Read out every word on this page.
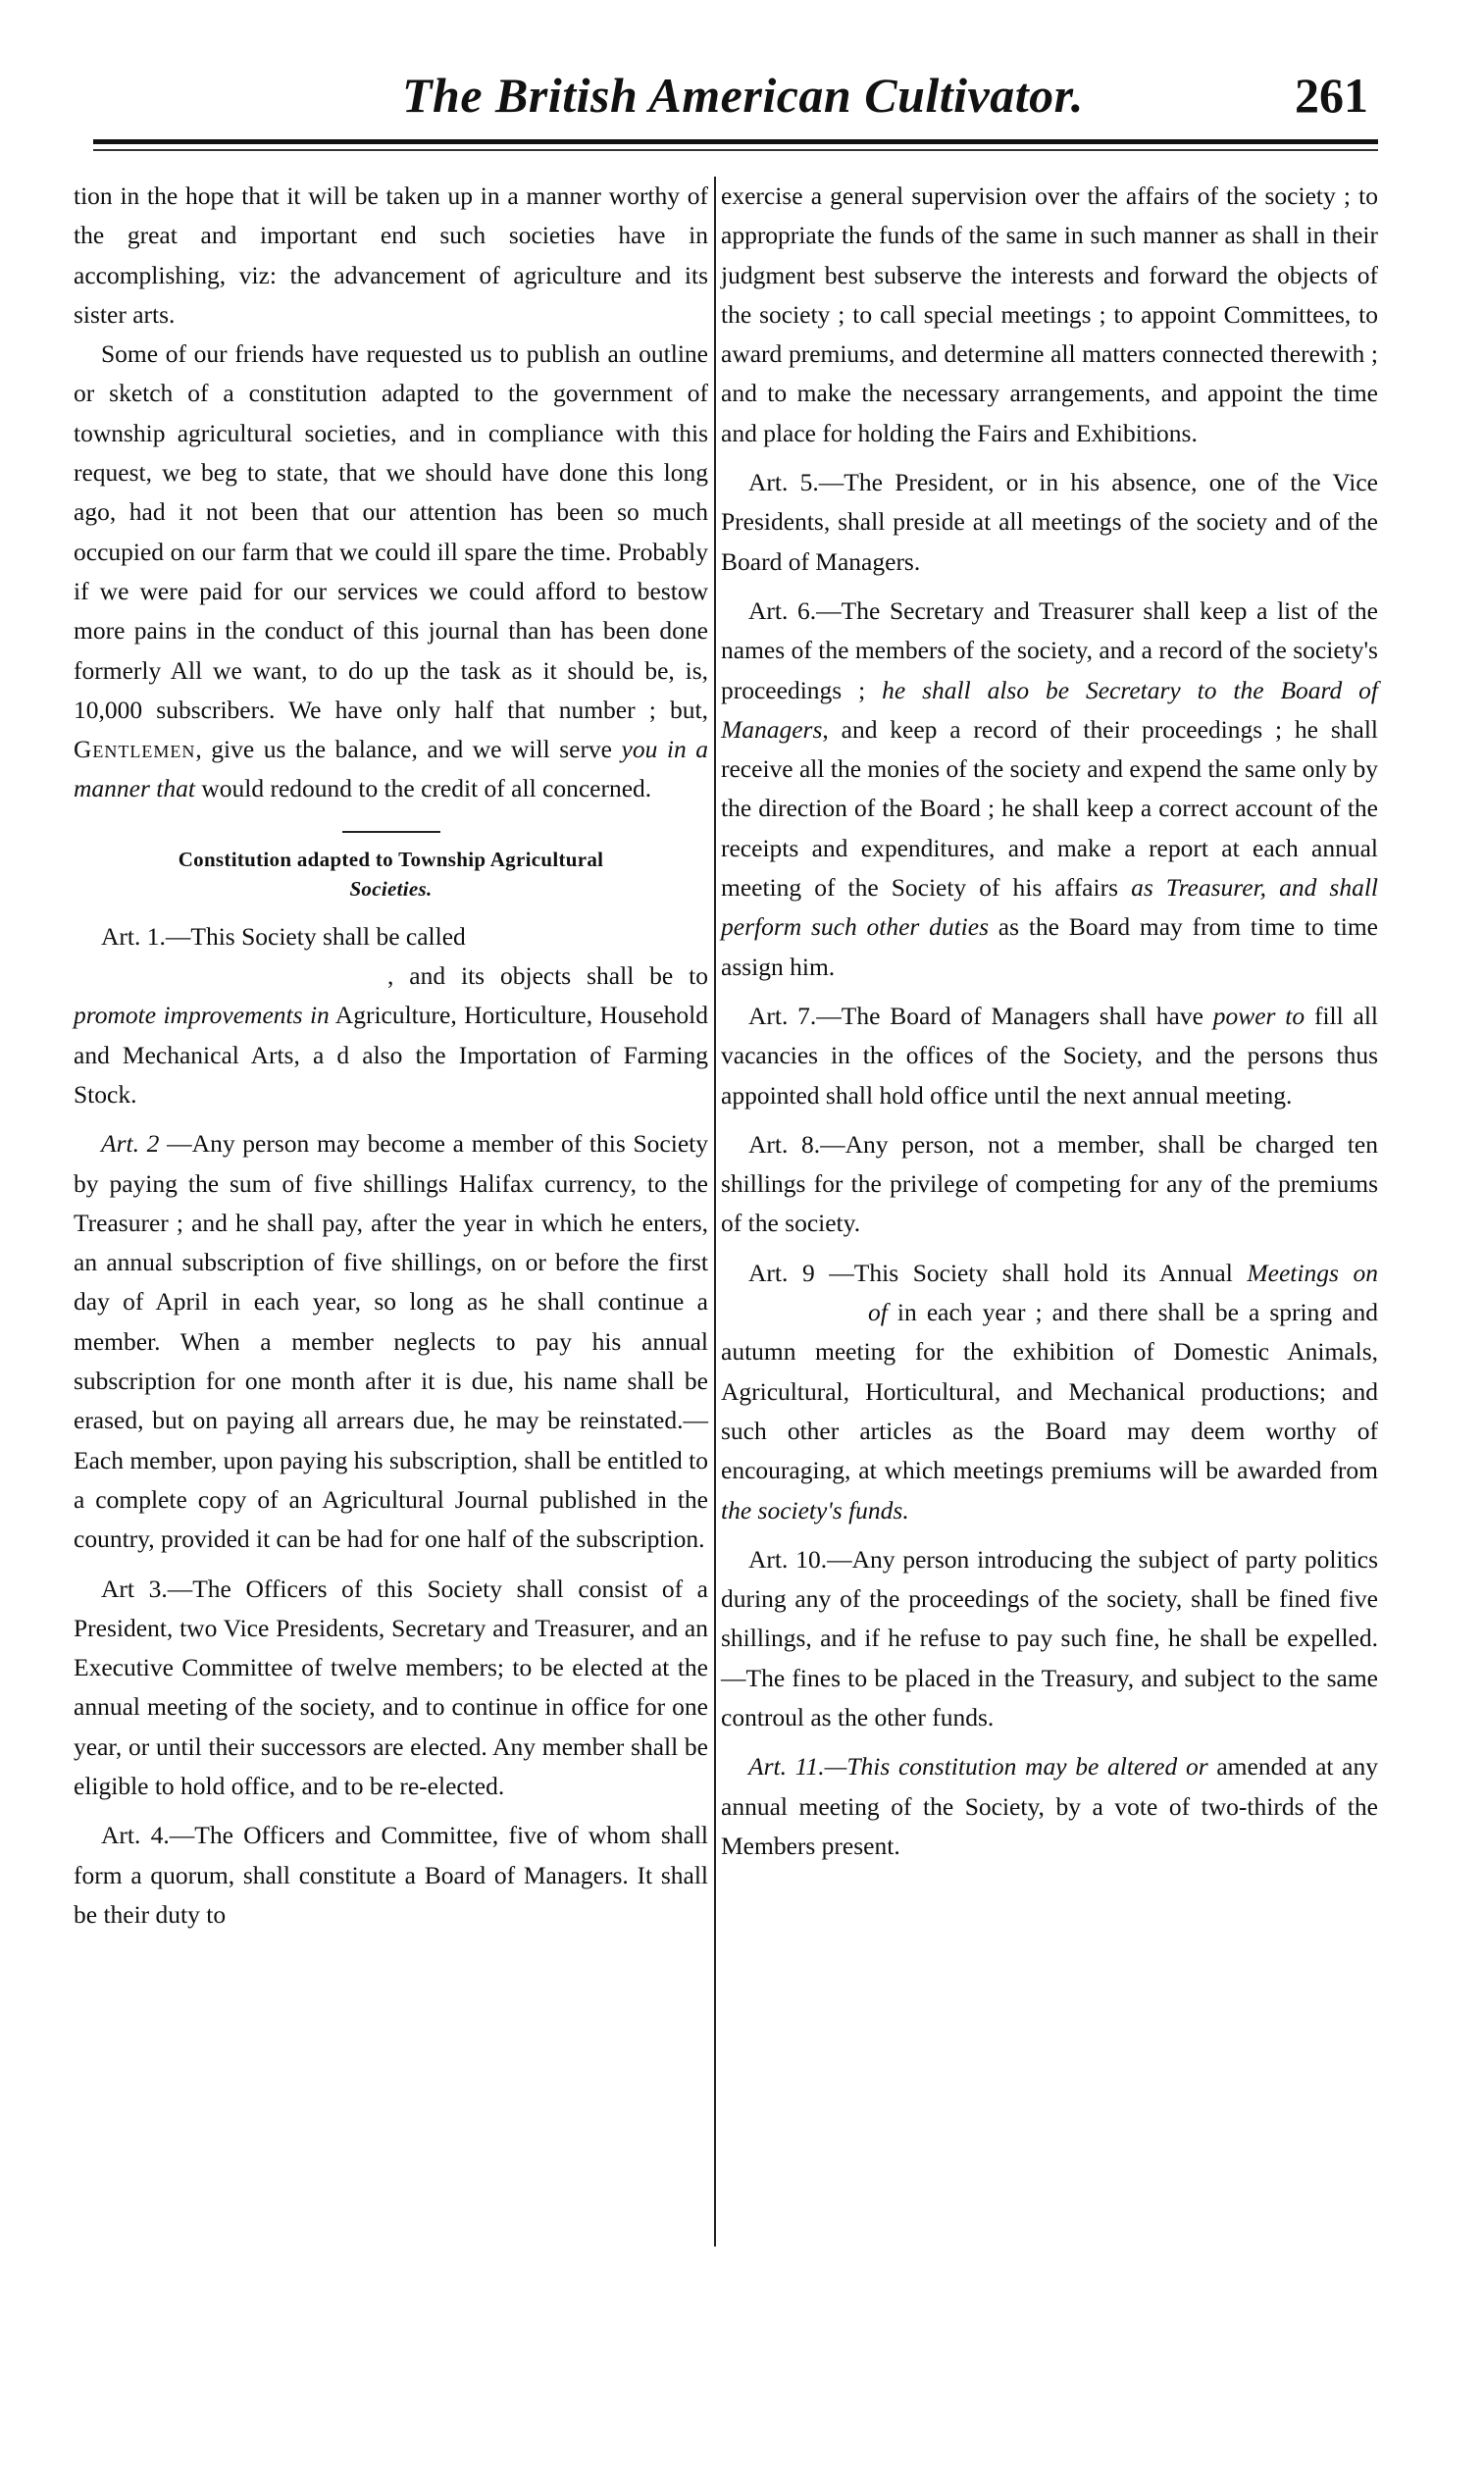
The British American Cultivator.	261

tion in the hope that it will be taken up in a manner worthy of the great and important end such societies have in accomplishing, viz: the advancement of agriculture and its sister arts.

Some of our friends have requested us to publish an outline or sketch of a constitution adapted to the government of township agricultural societies, and in compliance with this request, we beg to state, that we should have done this long ago, had it not been that our attention has been so much occupied on our farm that we could ill spare the time. Probably if we were paid for our services we could afford to bestow more pains in the conduct of this journal than has been done formerly All we want, to do up the task as it should be, is, 10,000 subscribers. We have only half that number ; but, Gentlemen, give us the balance, and we will serve you in a manner that would redound to the credit of all concerned.

Constitution adapted to Township Agricultural
Societies.

Art. 1.—This Society shall be called
, and its objects shall be to promote improvements in Agriculture, Horticulture, Household and Mechanical Arts, a d also the Importation of Farming Stock.

Art. 2 —Any person may become a member of this Society by paying the sum of five shillings Halifax currency, to the Treasurer ; and he shall pay, after the year in which he enters, an annual subscription of five shillings, on or before the first day of April in each year, so long as he shall continue a member. When a member neglects to pay his annual subscription for one month after it is due, his name shall be erased, but on paying all arrears due, he may be reinstated.—Each member, upon paying his subscription, shall be entitled to a complete copy of an Agricultural Journal published in the country, provided it can be had for one half of the subscription.

Art 3.—The Officers of this Society shall consist of a President, two Vice Presidents, Secretary and Treasurer, and an Executive Committee of twelve members; to be elected at the annual meeting of the society, and to continue in office for one year, or until their successors are elected. Any member shall be eligible to hold office, and to be re-elected.

Art. 4.—The Officers and Committee, five of whom shall form a quorum, shall constitute a Board of Managers. It shall be their duty to

exercise a general supervision over the affairs of the society ; to appropriate the funds of the same in such manner as shall in their judgment best subserve the interests and forward the objects of the society ; to call special meetings ; to appoint Committees, to award premiums, and determine all matters connected therewith ; and to make the necessary arrangements, and appoint the time and place for holding the Fairs and Exhibitions.

Art. 5.—The President, or in his absence, one of the Vice Presidents, shall preside at all meetings of the society and of the Board of Managers.

Art. 6.—The Secretary and Treasurer shall keep a list of the names of the members of the society, and a record of the society's proceedings ; he shall also be Secretary to the Board of Managers, and keep a record of their proceedings ; he shall receive all the monies of the society and expend the same only by the direction of the Board ; he shall keep a correct account of the receipts and expenditures, and make a report at each annual meeting of the Society of his affairs as Treasurer, and shall perform such other duties as the Board may from time to time assign him.

Art. 7.—The Board of Managers shall have power to fill all vacancies in the offices of the Society, and the persons thus appointed shall hold office until the next annual meeting.

Art. 8.—Any person, not a member, shall be charged ten shillings for the privilege of competing for any of the premiums of the society.

Art. 9 —This Society shall hold its Annual Meetings onof in each year ; and there shall be a spring and autumn meeting for the exhibition of Domestic Animals, Agricultural, Horticultural, and Mechanical productions; and such other articles as the Board may deem worthy of encouraging, at which meetings premiums will be awarded from the society's funds.

Art. 10.—Any person introducing the subject of party politics during any of the proceedings of the society, shall be fined five shillings, and if he refuse to pay such fine, he shall be expelled.—The fines to be placed in the Treasury, and subject to the same controul as the other funds.

Art. 11.—This constitution may be altered or amended at any annual meeting of the Society, by a vote of two-thirds of the Members present.
